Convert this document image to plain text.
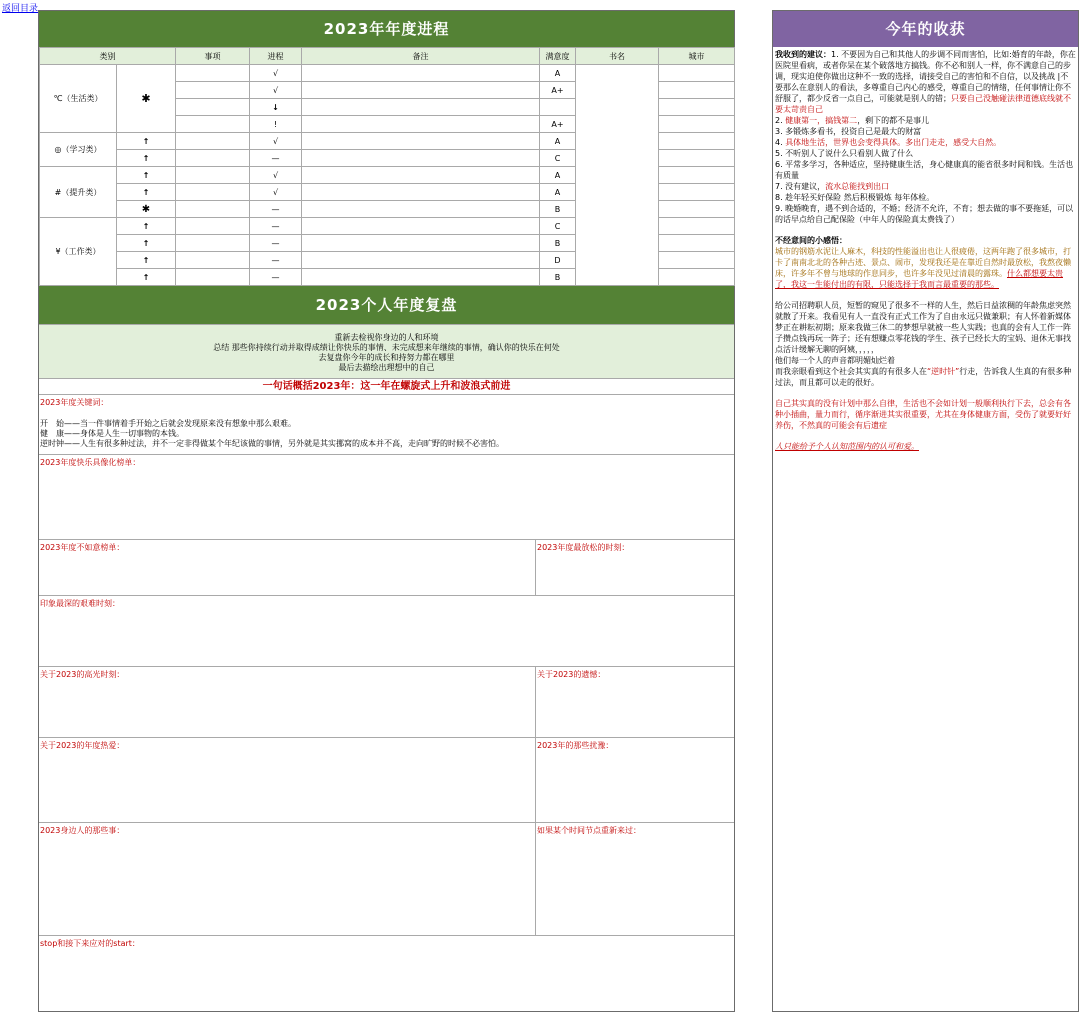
返回目录
2023年年度进程
类别		事项	进程	备注	满意度	书名	城市
℃（生活类）	✱		√		A		
			√		A+		
			↓				
			!		A+		
◎（学习类）	↑		√		A		
	↑		—		C		
#（提升类）	↑		√		A		
	↑		√		A		
	✱		—		B		
¥（工作类）	↑		—		C		
	↑		—		B		
	↑		—		D		
	↑		—		B		
2023个人年度复盘
重新去检视你身边的人和环境
总结 那些你持续行动并取得成绩让你快乐的事情、未完成想来年继续的事情，确认你的快乐在何处
去复盘你今年的成长和持努力都在哪里
最后去描绘出理想中的自己
一句话概括2023年：这一年在螺旋式上升和波浪式前进
2023年度关键词：
开　始——当一件事情着手开始之后就会发现原来没有想象中那么艰难。
健　康——身体是人生一切事物的本钱。
逆时钟——人生有很多种过法，并不一定非得做某个年纪该做的事情，另外就是其实挪窝的成本并不高，走向旷野的时候不必害怕。
2023年度快乐具像化榜单：
2023年度不如意榜单：	2023年度最放松的时刻：
印象最深的艰难时刻：
关于2023的高光时刻：	关于2023的遗憾：
关于2023的年度热爱：	2023年的那些扰豫：
2023身边人的那些事：	如果某个时间节点重新来过：
stop和接下来应对的start：
今年的收获

我收到的建议：1. 不要因为自己和其他人的步调不同而害怕，比如:婚育的年龄，你在医院里看病，或者你呆在某个破落地方搞钱。你不必和别人一样，你不满意自己的步调，现实迫使你做出这种不一致的选择，请接受自己的害怕和不自信，以及挑战 |不要那么在意别人的看法，多尊重自己内心的感受，尊重自己的情绪，任何事情让你不舒服了，都少反省一点自己，可能就是别人的错；只要自己没触碰法律道德底线就不要太苛责自己

2. 健康第一，搞钱第二，剩下的都不是事儿

3. 多锻炼多看书，投资自己是最大的财富

4. 具体地生活，世界也会变得具体。多出门走走，感受大自然。

5. 不听别人了说什么只看别人做了什么

6. 平常多学习，各种适应，坚持健康生活，身心健康真的能省很多时间和钱。生活也有质量

7. 没有建议，流水总能找到出口

8. 趁年轻买好保险 然后积极锻炼 每年体检。

9. 晚婚晚育，遇不到合适的，不婚；经济不允许，不育；想去做的事不要拖延，可以的话早点给自己配保险（中年人的保险真太费钱了）

不经意间的小感悟：

城市的钢筋水泥让人麻木，科技的性能溢出也让人很疲倦，这两年跑了很多城市，打卡了南南北北的各种古迹、景点、闹市，发现我还是在靠近自然时最放松，我熬夜懒床，许多年不曾与地球的作息同步，也许多年没见过清晨的露珠。什么都想要太贵了，我这一生能付出的有限，只能选择于我而言最重要的那些。

给公司招聘职人员，短暂的窥见了很多不一样的人生，然后日益浓稠的年龄焦虑突然就散了开来。我看见有人一直没有正式工作为了自由永远只做兼职；有人怀着新媒体梦正在耕耘初期；原来我做三休二的梦想早就被一些人实践；也真的会有人工作一阵子攒点钱再玩一阵子；还有想赚点零花钱的学生、孩子已经长大的宝妈、退休无事找点活计缓解无聊的阿姨，，，，，

他们每一个人的声音都明媚灿烂着

而我亲眼看到这个社会其实真的有很多人在“逆时针”行走，告诉我人生真的有很多种过法，而且都可以走的很好。

自己其实真的没有计划中那么自律，生活也不会如计划一般顺利执行下去，总会有各种小插曲，量力而行，循序渐进其实很重要，尤其在身体健康方面，受伤了就要好好养伤，不然真的可能会有后遗症

人只能给予个人认知范围内的认可和爱。
